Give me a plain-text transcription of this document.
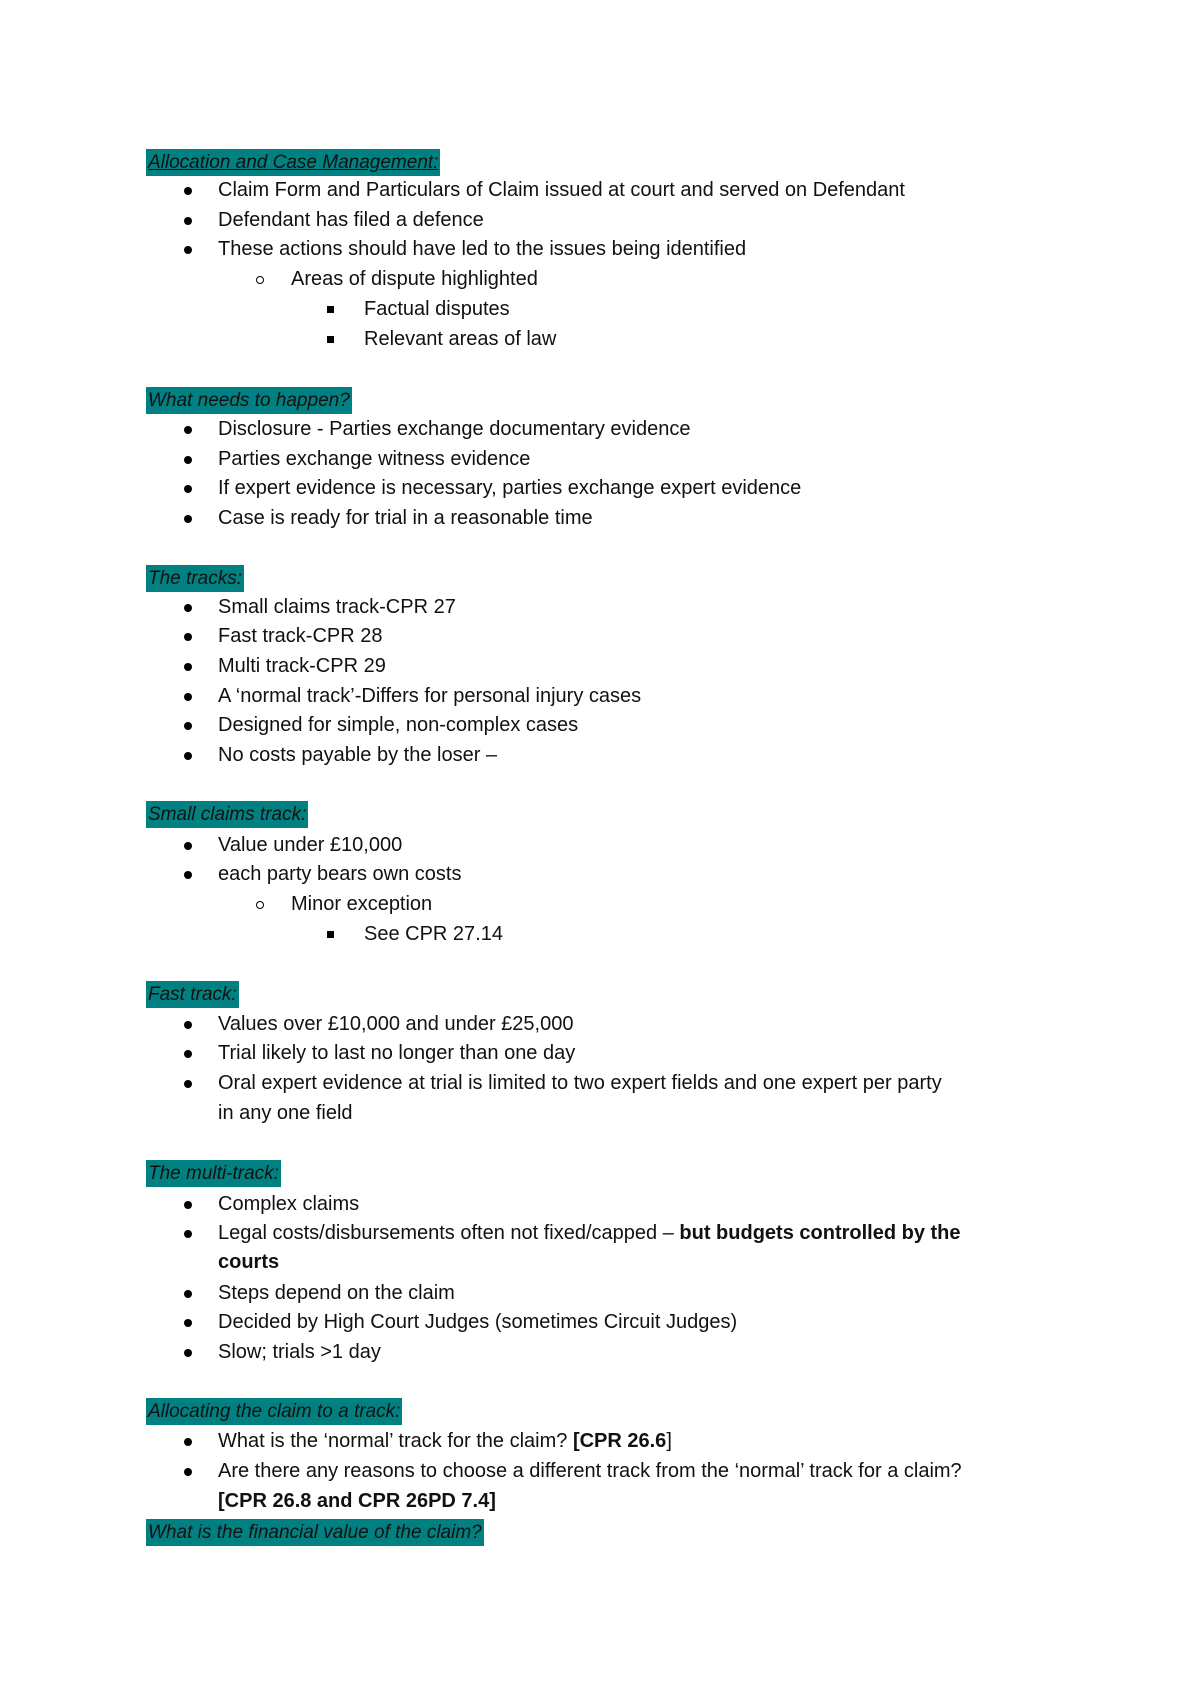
Allocation and Case Management:
Claim Form and Particulars of Claim issued at court and served on Defendant
Defendant has filed a defence
These actions should have led to the issues being identified
Areas of dispute highlighted
Factual disputes
Relevant areas of law
What needs to happen?
Disclosure - Parties exchange documentary evidence
Parties exchange witness evidence
If expert evidence is necessary, parties exchange expert evidence
Case is ready for trial in a reasonable time
The tracks:
Small claims track-CPR 27
Fast track-CPR 28
Multi track-CPR 29
A ‘normal track’-Differs for personal injury cases
Designed for simple, non-complex cases
No costs payable by the loser –
Small claims track:
Value under £10,000
each party bears own costs
Minor exception
See CPR 27.14
Fast track:
Values over £10,000 and under £25,000
Trial likely to last no longer than one day
Oral expert evidence at trial is limited to two expert fields and one expert per party
in any one field
The multi-track:
Complex claims
Legal costs/disbursements often not fixed/capped – but budgets controlled by the
courts
Steps depend on the claim
Decided by High Court Judges (sometimes Circuit Judges)
Slow; trials >1 day
Allocating the claim to a track:
What is the ‘normal’ track for the claim? [CPR 26.6]
Are there any reasons to choose a different track from the ‘normal’ track for a claim?
[CPR 26.8 and CPR 26PD 7.4]
What is the financial value of the claim?
